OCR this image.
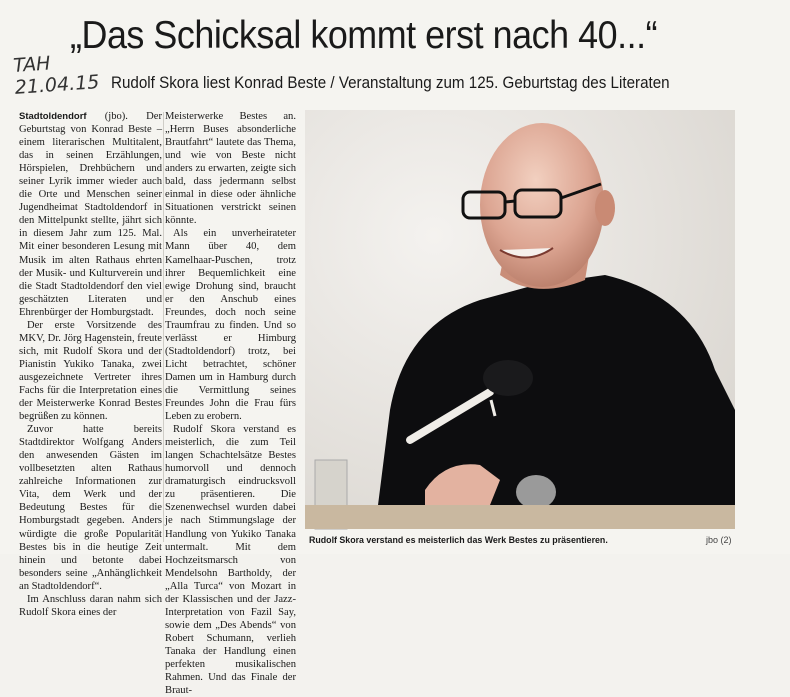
TAH
21.04.15
„Das Schicksal kommt erst nach 40...“
Rudolf Skora liest Konrad Beste / Veranstaltung zum 125. Geburtstag des Literaten

Stadtoldendorf (jbo). Der Geburtstag von Konrad Beste – einem literarischen Multitalent, das in seinen Erzählungen, Hörspielen, Drehbüchern und seiner Lyrik immer wieder auch die Orte und Menschen seiner Jugendheimat Stadtoldendorf in den Mittelpunkt stellte, jährt sich in diesem Jahr zum 125. Mal. Mit einer besonderen Lesung mit Musik im alten Rathaus ehrten der Musik- und Kulturverein und die Stadt Stadtoldendorf den viel geschätzten Literaten und Ehrenbürger der Homburgstadt.

Der erste Vorsitzende des MKV, Dr. Jörg Hagenstein, freute sich, mit Rudolf Skora und der Pianistin Yukiko Tanaka, zwei ausgezeichnete Vertreter ihres Fachs für die Interpretation eines der Meisterwerke Konrad Bestes begrüßen zu können.

Zuvor hatte bereits Stadtdirektor Wolfgang Anders den anwesenden Gästen im vollbesetzten alten Rathaus zahlreiche Informationen zur Vita, dem Werk und der Bedeutung Bestes für die Homburgstadt gegeben. Anders würdigte die große Popularität Bestes bis in die heutige Zeit hinein und betonte dabei besonders seine „Anhänglichkeit an Stadtoldendorf“.

Im Anschluss daran nahm sich Rudolf Skora eines der

Meisterwerke Bestes an. „Herrn Buses absonderliche Brautfahrt“ lautete das Thema, und wie von Beste nicht anders zu erwarten, zeigte sich bald, dass jedermann selbst einmal in diese oder ähnliche Situationen verstrickt seinen könnte.

Als ein unverheirateter Mann über 40, dem Kamelhaar-Puschen, trotz ihrer Bequemlichkeit eine ewige Drohung sind, braucht er den Anschub eines Freundes, doch noch seine Traumfrau zu finden. Und so verlässt er Himburg (Stadtoldendorf) trotz, bei Licht betrachtet, schöner Damen um in Hamburg durch die Vermittlung seines Freundes John die Frau fürs Leben zu erobern.

Rudolf Skora verstand es meisterlich, die zum Teil langen Schachtelsätze Bestes humorvoll und dennoch dramaturgisch eindrucksvoll zu präsentieren. Die Szenenwechsel wurden dabei je nach Stimmungslage der Handlung von Yukiko Tanaka untermalt. Mit dem Hochzeitsmarsch von Mendelsohn Bartholdy, der „Alla Turca“ von Mozart in der Klassischen und der Jazz-Interpretation von Fazil Say, sowie dem „Des Abends“ von Robert Schumann, verlieh Tanaka der Handlung einen perfekten musikalischen Rahmen. Und das Finale der Braut-

Rudolf Skora verstand es meisterlich das Werk Bestes zu präsentieren.	jbo (2)
